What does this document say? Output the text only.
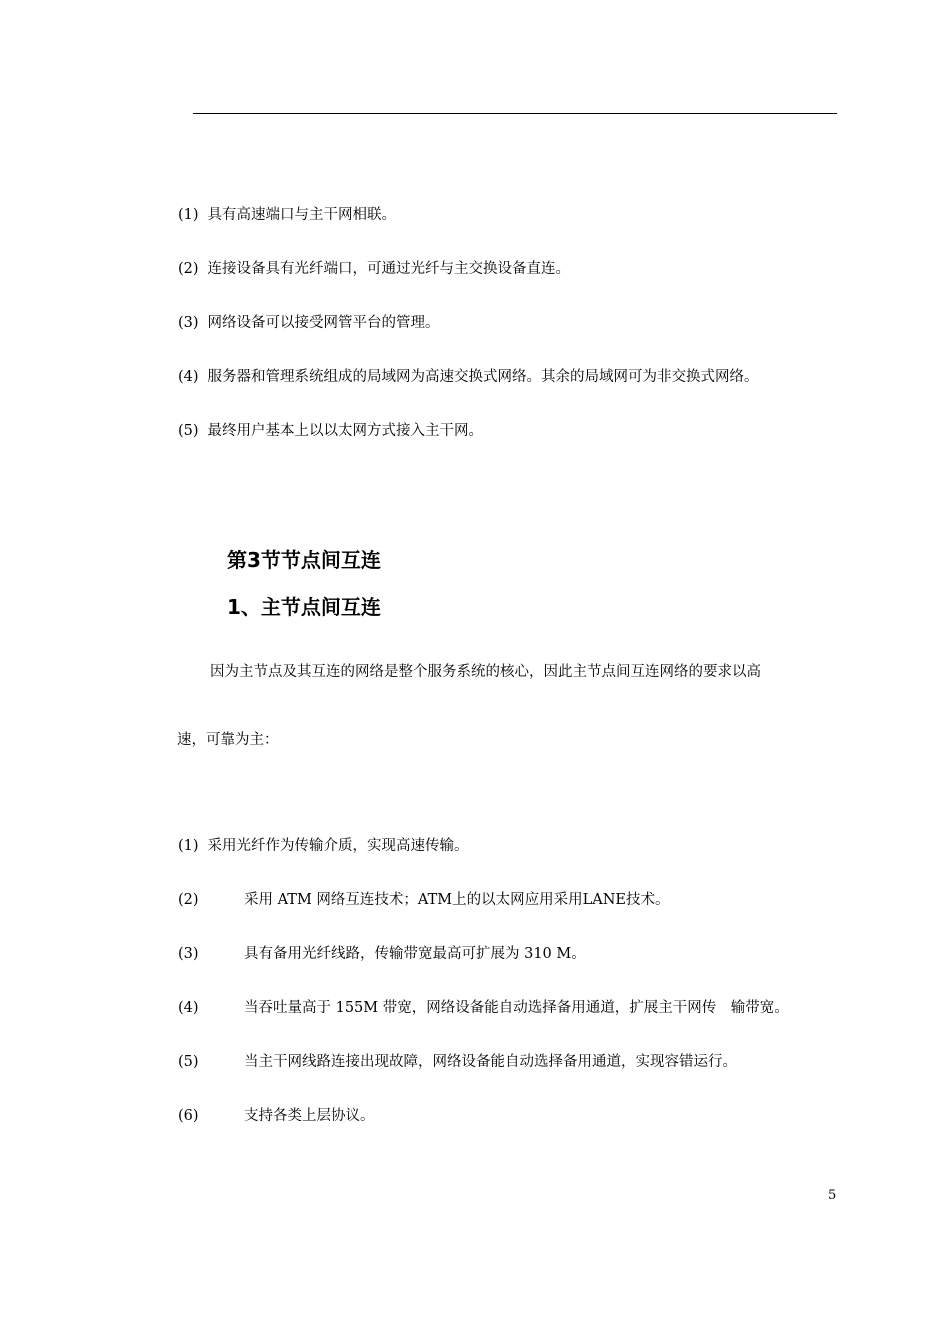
(1) 具有高速端口与主干网相联。
(2) 连接设备具有光纤端口，可通过光纤与主交换设备直连。
(3) 网络设备可以接受网管平台的管理。
(4) 服务器和管理系统组成的局域网为高速交换式网络。其余的局域网可为非交换式网络。
(5) 最终用户基本上以以太网方式接入主干网。
第3节节点间互连
1、主节点间互连
因为主节点及其互连的网络是整个服务系统的核心，因此主节点间互连网络的要求以高
速，可靠为主：
(1) 采用光纤作为传输介质，实现高速传输。
(2)	采用 ATM 网络互连技术；ATM上的以太网应用采用LANE技术。
(3)	具有备用光纤线路，传输带宽最高可扩展为 310 M。
(4)	当吞吐量高于 155M 带宽，网络设备能自动选择备用通道，扩展主干网传　输带宽。
(5)	当主干网线路连接出现故障，网络设备能自动选择备用通道，实现容错运行。
(6)	支持各类上层协议。
5
